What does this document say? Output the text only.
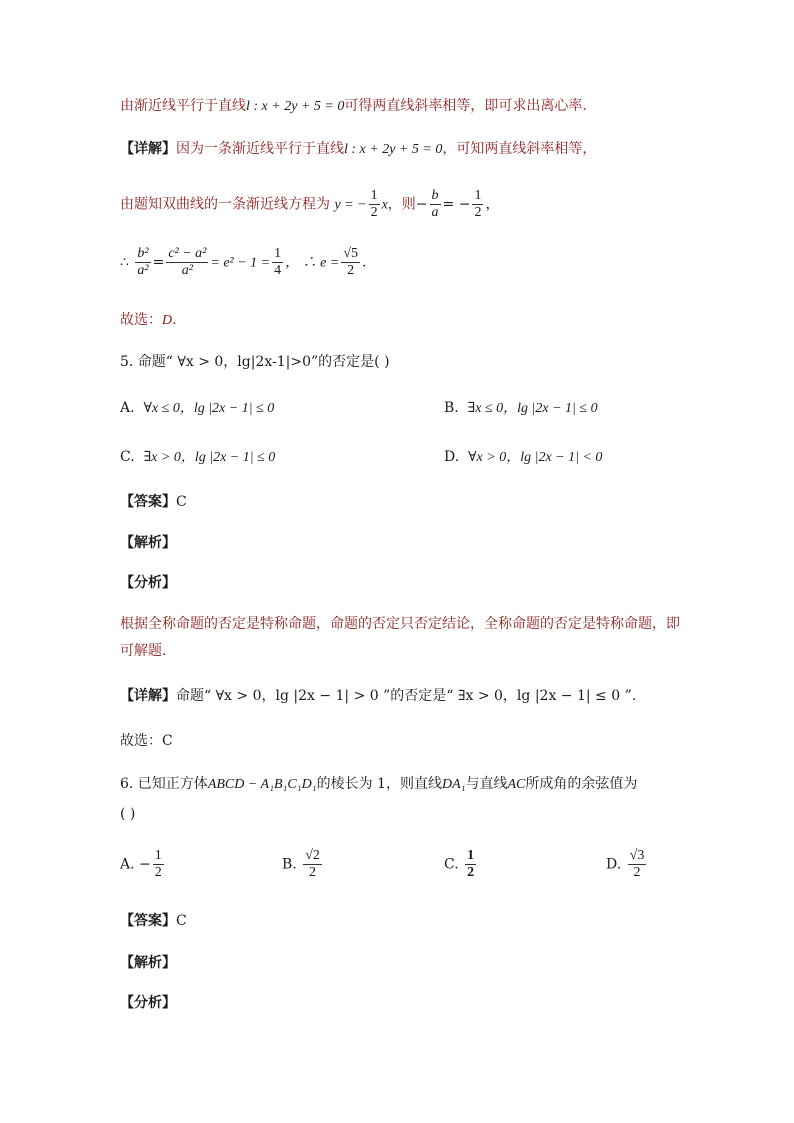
由渐近线平行于直线l : x + 2y + 5 = 0可得两直线斜率相等，即可求出离心率.
【详解】因为一条渐近线平行于直线l : x + 2y + 5 = 0，可知两直线斜率相等，
由题知双曲线的一条渐近线方程为 y = − $\frac{1}{2}$ x，则− $\frac{b}{a}$ = − $\frac{1}{2}$ ，
∴ $\frac{\text{b²}}{\text{a²}} = \frac{\text{c² − a²}}{\text{a²}} = e^2 - 1 = \frac{1}{4}$ ， ∴ $e = \frac{√5}{2}$ .
故选：D.
5. 命题“ ∀x > 0，lg|2x-1|>0”的否定是( )
A. ∀x ≤ 0，lg |2x − 1| ≤ 0	B. ∃x ≤ 0，lg |2x − 1| ≤ 0
C. ∃x > 0，lg |2x − 1| ≤ 0	D. ∀x > 0，lg |2x − 1| < 0
【答案】C
【解析】
【分析】
根据全称命题的否定是特称命题，命题的否定只否定结论，全称命题的否定是特称命题，即
可解题.
【详解】命题“ ∀x > 0，lg |2x − 1| > 0 ”的否定是“ ∃x > 0，lg |2x − 1| ≤ 0 ”.
故选：C
6. 已知正方体ABCD − A₁B₁C₁D₁的棱长为 1，则直线DA₁与直线AC所成角的余弦值为
( )
A. − $\frac{1}{2}$	B. $\frac{√2}{2}$	C. $\frac{1}{2}$	D. $\frac{√3}{2}$
【答案】C
【解析】
【分析】
